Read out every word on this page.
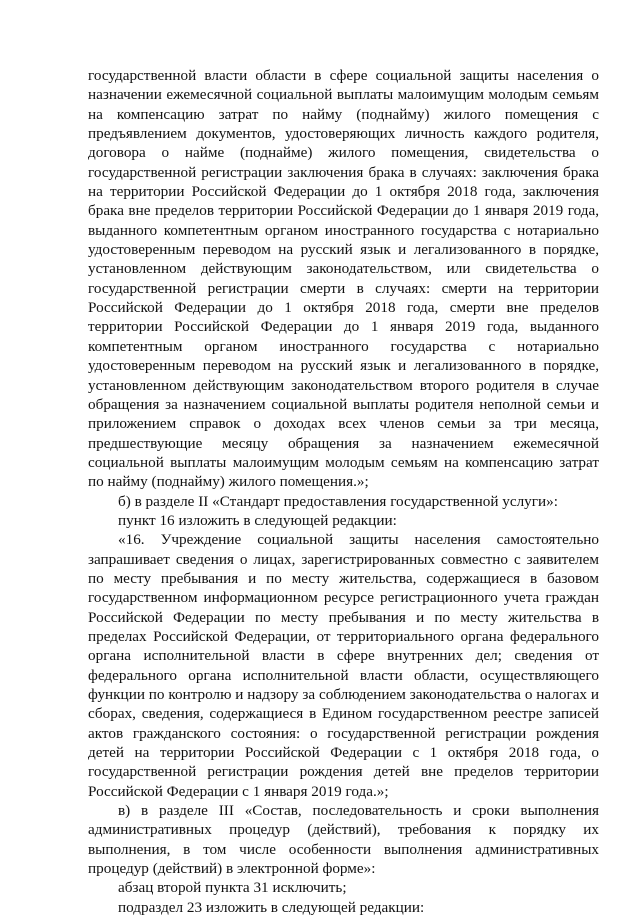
государственной власти области в сфере социальной защиты населения о назначении ежемесячной социальной выплаты малоимущим молодым семьям на компенсацию затрат по найму (поднайму) жилого помещения с предъявлением документов, удостоверяющих личность каждого родителя, договора о найме (поднайме) жилого помещения, свидетельства о государственной регистрации заключения брака в случаях: заключения брака на территории Российской Федерации до 1 октября 2018 года, заключения брака вне пределов территории Российской Федерации до 1 января 2019 года, выданного компетентным органом иностранного государства с нотариально удостоверенным переводом на русский язык и легализованного в порядке, установленном действующим законодательством, или свидетельства о государственной регистрации смерти в случаях: смерти на территории Российской Федерации до 1 октября 2018 года, смерти вне пределов территории Российской Федерации до 1 января 2019 года, выданного компетентным органом иностранного государства с нотариально удостоверенным переводом на русский язык и легализованного в порядке, установленном действующим законодательством второго родителя в случае обращения за назначением социальной выплаты родителя неполной семьи и приложением справок о доходах всех членов семьи за три месяца, предшествующие месяцу обращения за назначением ежемесячной социальной выплаты малоимущим молодым семьям на компенсацию затрат по найму (поднайму) жилого помещения.»;

б) в разделе II «Стандарт предоставления государственной услуги»:

пункт 16 изложить в следующей редакции:

«16. Учреждение социальной защиты населения самостоятельно запрашивает сведения о лицах, зарегистрированных совместно с заявителем по месту пребывания и по месту жительства, содержащиеся в базовом государственном информационном ресурсе регистрационного учета граждан Российской Федерации по месту пребывания и по месту жительства в пределах Российской Федерации, от территориального органа федерального органа исполнительной власти в сфере внутренних дел; сведения от федерального органа исполнительной власти области, осуществляющего функции по контролю и надзору за соблюдением законодательства о налогах и сборах, сведения, содержащиеся в Едином государственном реестре записей актов гражданского состояния: о государственной регистрации рождения детей на территории Российской Федерации с 1 октября 2018 года, о государственной регистрации рождения детей вне пределов территории Российской Федерации с 1 января 2019 года.»;

в) в разделе III «Состав, последовательность и сроки выполнения административных процедур (действий), требования к порядку их выполнения, в том числе особенности выполнения административных процедур (действий) в электронной форме»:

абзац второй пункта 31 исключить;

подраздел 23 изложить в следующей редакции:
